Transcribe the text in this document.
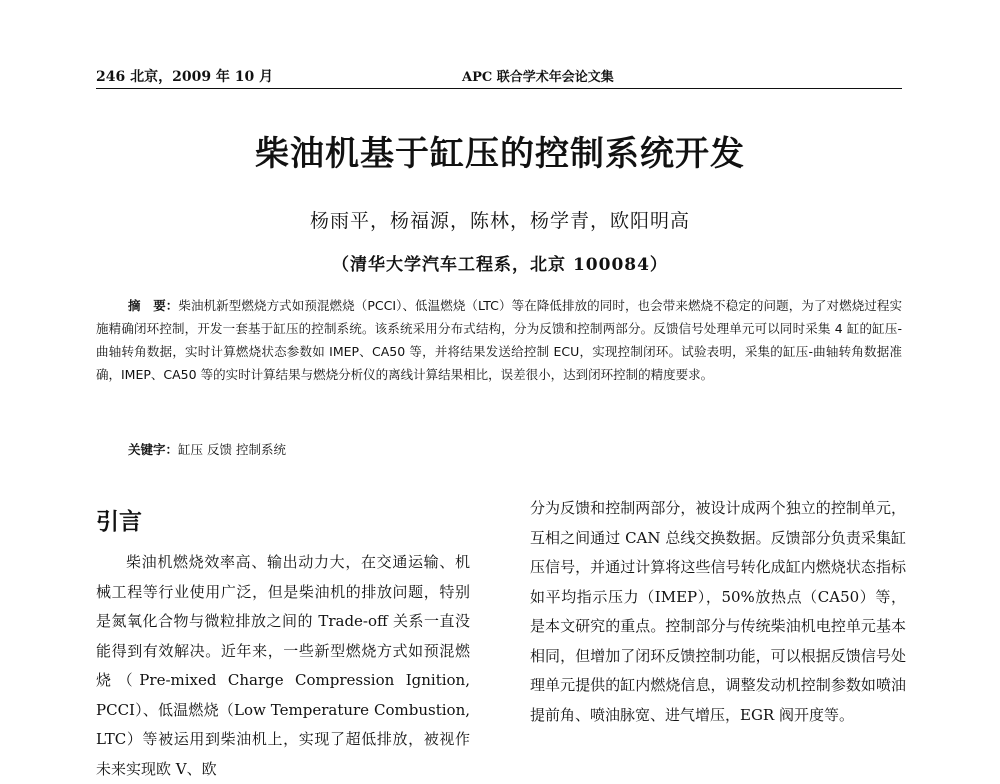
246 北京，2009 年 10 月	APC 联合学术年会论文集
柴油机基于缸压的控制系统开发
杨雨平，杨福源，陈林，杨学青，欧阳明高
（清华大学汽车工程系，北京 100084）
摘　要：柴油机新型燃烧方式如预混燃烧（PCCI）、低温燃烧（LTC）等在降低排放的同时，也会带来燃烧不稳定的问题，为了对燃烧过程实施精确闭环控制，开发一套基于缸压的控制系统。该系统采用分布式结构，分为反馈和控制两部分。反馈信号处理单元可以同时采集 4 缸的缸压-曲轴转角数据，实时计算燃烧状态参数如 IMEP、CA50 等，并将结果发送给控制 ECU，实现控制闭环。试验表明，采集的缸压-曲轴转角数据准确，IMEP、CA50 等的实时计算结果与燃烧分析仪的离线计算结果相比，误差很小，达到闭环控制的精度要求。
关键字：缸压 反馈 控制系统
引言

柴油机燃烧效率高、输出动力大，在交通运输、机械工程等行业使用广泛，但是柴油机的排放问题，特别是氮氧化合物与微粒排放之间的 Trade-off 关系一直没能得到有效解决。近年来，一些新型燃烧方式如预混燃烧（Pre-mixed Charge Compression Ignition, PCCI）、低温燃烧（Low Temperature Combustion, LTC）等被运用到柴油机上，实现了超低排放，被视作未来实现欧 V、欧

分为反馈和控制两部分，被设计成两个独立的控制单元，互相之间通过 CAN 总线交换数据。反馈部分负责采集缸压信号，并通过计算将这些信号转化成缸内燃烧状态指标如平均指示压力（IMEP），50%放热点（CA50）等，是本文研究的重点。控制部分与传统柴油机电控单元基本相同，但增加了闭环反馈控制功能，可以根据反馈信号处理单元提供的缸内燃烧信息，调整发动机控制参数如喷油提前角、喷油脉宽、进气增压，EGR 阀开度等。
